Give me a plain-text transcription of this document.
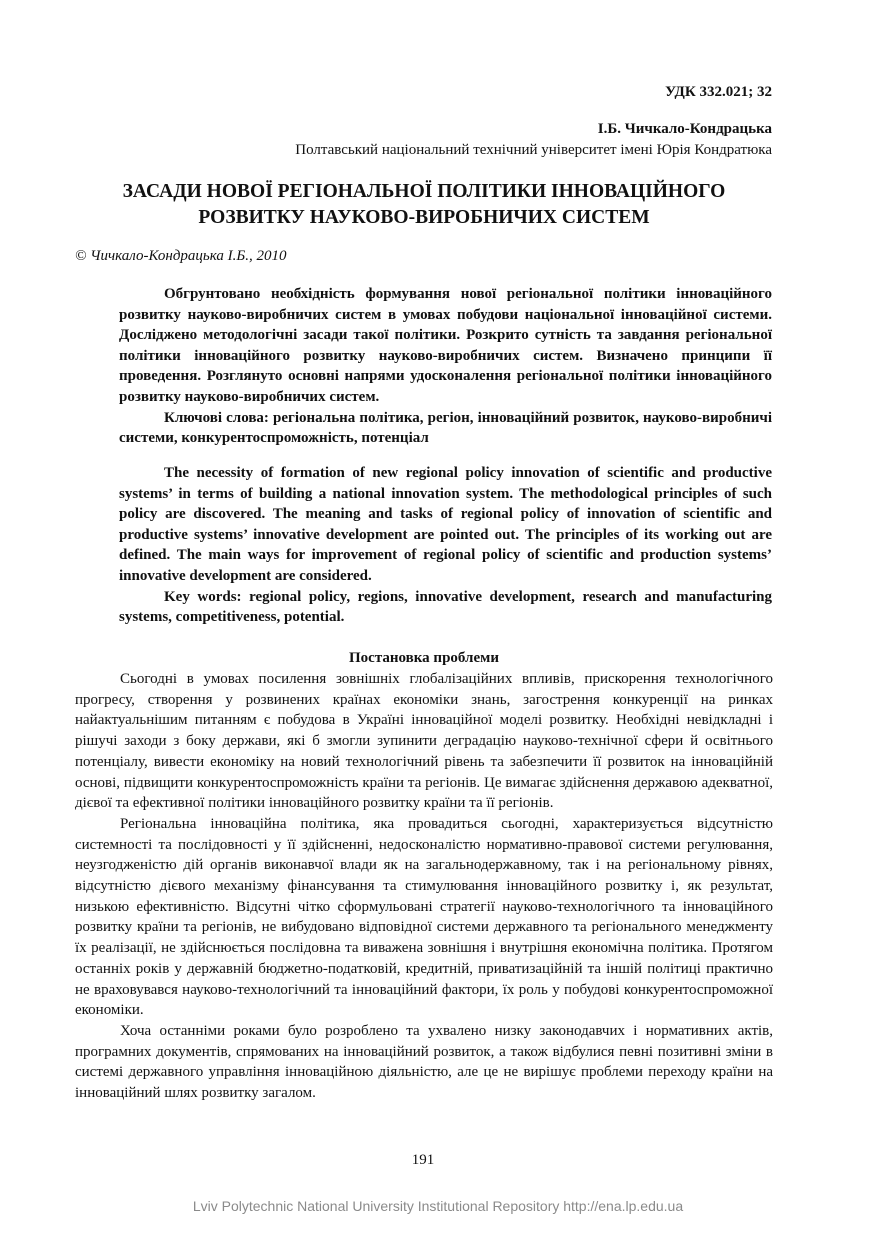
УДК 332.021; 32
І.Б. Чичкало-Кондрацька
Полтавський національний технічний університет імені Юрія Кондратюка
ЗАСАДИ НОВОЇ РЕГІОНАЛЬНОЇ ПОЛІТИКИ ІННОВАЦІЙНОГО РОЗВИТКУ НАУКОВО-ВИРОБНИЧИХ СИСТЕМ
© Чичкало-Кондрацька І.Б., 2010

Обгрунтовано необхідність формування нової регіональної політики інноваційного розвитку науково-виробничих систем в умовах побудови національної інноваційної системи. Досліджено методологічні засади такої політики. Розкрито сутність та завдання регіональної політики інноваційного розвитку науково-виробничих систем. Визначено принципи її проведення. Розглянуто основні напрями удосконалення регіональної політики інноваційного розвитку науково-виробничих систем.

Ключові слова: регіональна політика, регіон, інноваційний розвиток, науково-виробничі системи, конкурентоспроможність, потенціал

The necessity of formation of new regional policy innovation of scientific and productive systems’ in terms of building a national innovation system. The methodological principles of such policy are discovered. The meaning and tasks of regional policy of innovation of scientific and productive systems’ innovative development are pointed out. The principles of its working out are defined. The main ways for improvement of regional policy of scientific and production systems’ innovative development are considered.

Key words: regional policy, regions, innovative development, research and manufacturing systems, competitiveness, potential.

Постановка проблеми

Сьогодні в умовах посилення зовнішніх глобалізаційних впливів, прискорення технологічного прогресу, створення у розвинених країнах економіки знань, загострення конкуренції на ринках найактуальнішим питанням є побудова в Україні інноваційної моделі розвитку. Необхідні невідкладні і рішучі заходи з боку держави, які б змогли зупинити деградацію науково-технічної сфери й освітнього потенціалу, вивести економіку на новий технологічний рівень та забезпечити її розвиток на інноваційній основі, підвищити конкурентоспроможність країни та регіонів. Це вимагає здійснення державою адекватної, дієвої та ефективної політики інноваційного розвитку країни та її регіонів.

Регіональна інноваційна політика, яка провадиться сьогодні, характеризується відсутністю системності та послідовності у її здійсненні, недосконалістю нормативно-правової системи регулювання, неузгодженістю дій органів виконавчої влади як на загальнодержавному, так і на регіональному рівнях, відсутністю дієвого механізму фінансування та стимулювання інноваційного розвитку і, як результат, низькою ефективністю. Відсутні чітко сформульовані стратегії науково-технологічного та інноваційного розвитку країни та регіонів, не вибудовано відповідної системи державного та регіонального менеджменту їх реалізації, не здійснюється послідовна та виважена зовнішня і внутрішня економічна політика. Протягом останніх років у державній бюджетно-податковій, кредитній, приватизаційній та іншій політиці практично не враховувався науково-технологічний та інноваційний фактори, їх роль у побудові конкурентоспроможної економіки.

Хоча останніми роками було розроблено та ухвалено низку законодавчих і нормативних актів, програмних документів, спрямованих на інноваційний розвиток, а також відбулися певні позитивні зміни в системі державного управління інноваційною діяльністю, але це не вирішує проблеми переходу країни на інноваційний шлях розвитку загалом.

191
Lviv Polytechnic National University Institutional Repository http://ena.lp.edu.ua
